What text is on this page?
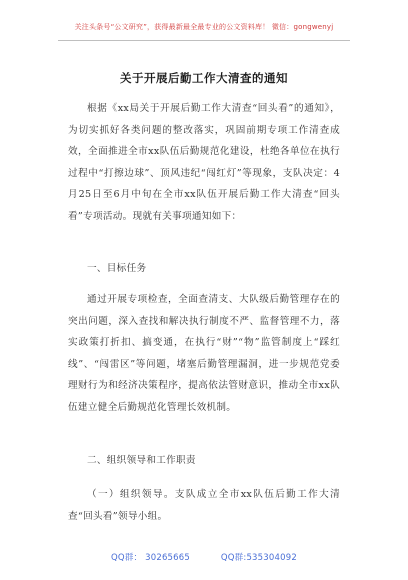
关注头条号“公文研究”，获得最新最全最专业的公文资料库！ 微信：gongwenyj
关于开展后勤工作大清查的通知
根据《xx局关于开展后勤工作大清查“回头看”的通知》，为切实抓好各类问题的整改落实，巩固前期专项工作清查成效，全面推进全市xx队伍后勤规范化建设，杜绝各单位在执行过程中“打擦边球”、顶风违纪“闯红灯”等现象，支队决定：4月25日至6月中旬在全市xx队伍开展后勤工作大清查“回头看”专项活动。现就有关事项通知如下：
一、目标任务
通过开展专项检查，全面查清支、大队级后勤管理存在的突出问题，深入查找和解决执行制度不严、监督管理不力，落实政策打折扣、搞变通，在执行“财”“物”监管制度上“踩红线”、“闯雷区”等问题，堵塞后勤管理漏洞，进一步规范党委理财行为和经济决策程序，提高依法管财意识，推动全市xx队伍建立健全后勤规范化管理长效机制。
二、组织领导和工作职责
（一）组织领导。支队成立全市xx队伍后勤工作大清查“回头看”领导小组。
QQ群： 30265665	QQ群:535304092
